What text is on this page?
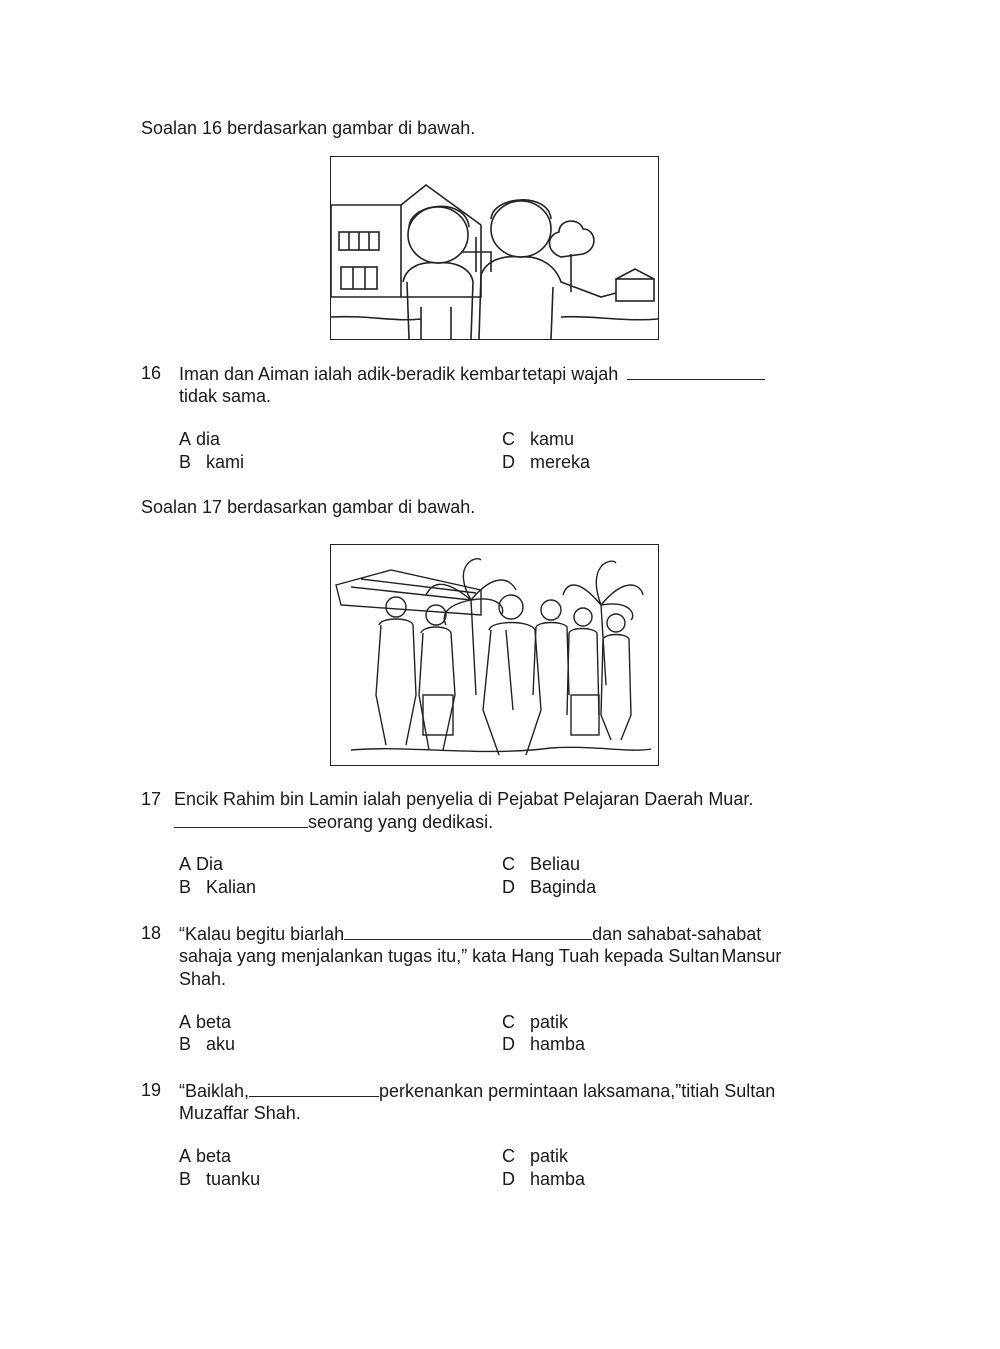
Soalan 16 berdasarkan gambar di bawah.
16 Iman dan Aiman ialah adik-beradik kembar tetapi wajah
tidak sama.
A dia
B kami
C kamu
D mereka
Soalan 17 berdasarkan gambar di bawah.
17 Encik Rahim bin Lamin ialah penyelia di Pejabat Pelajaran Daerah Muar.
seorang yang dedikasi.
A Dia
B Kalian
C Beliau
D Baginda
18 “Kalau begitu biarlah	dan sahabat-sahabat
sahaja yang menjalankan tugas itu,” kata Hang Tuah kepada Sultan Mansur
Shah.
A beta
B aku
C patik
D hamba
19 “Baiklah,	perkenankan permintaan laksamana,”titiah Sultan
Muzaffar Shah.
A beta
B tuanku
C patik
D hamba
